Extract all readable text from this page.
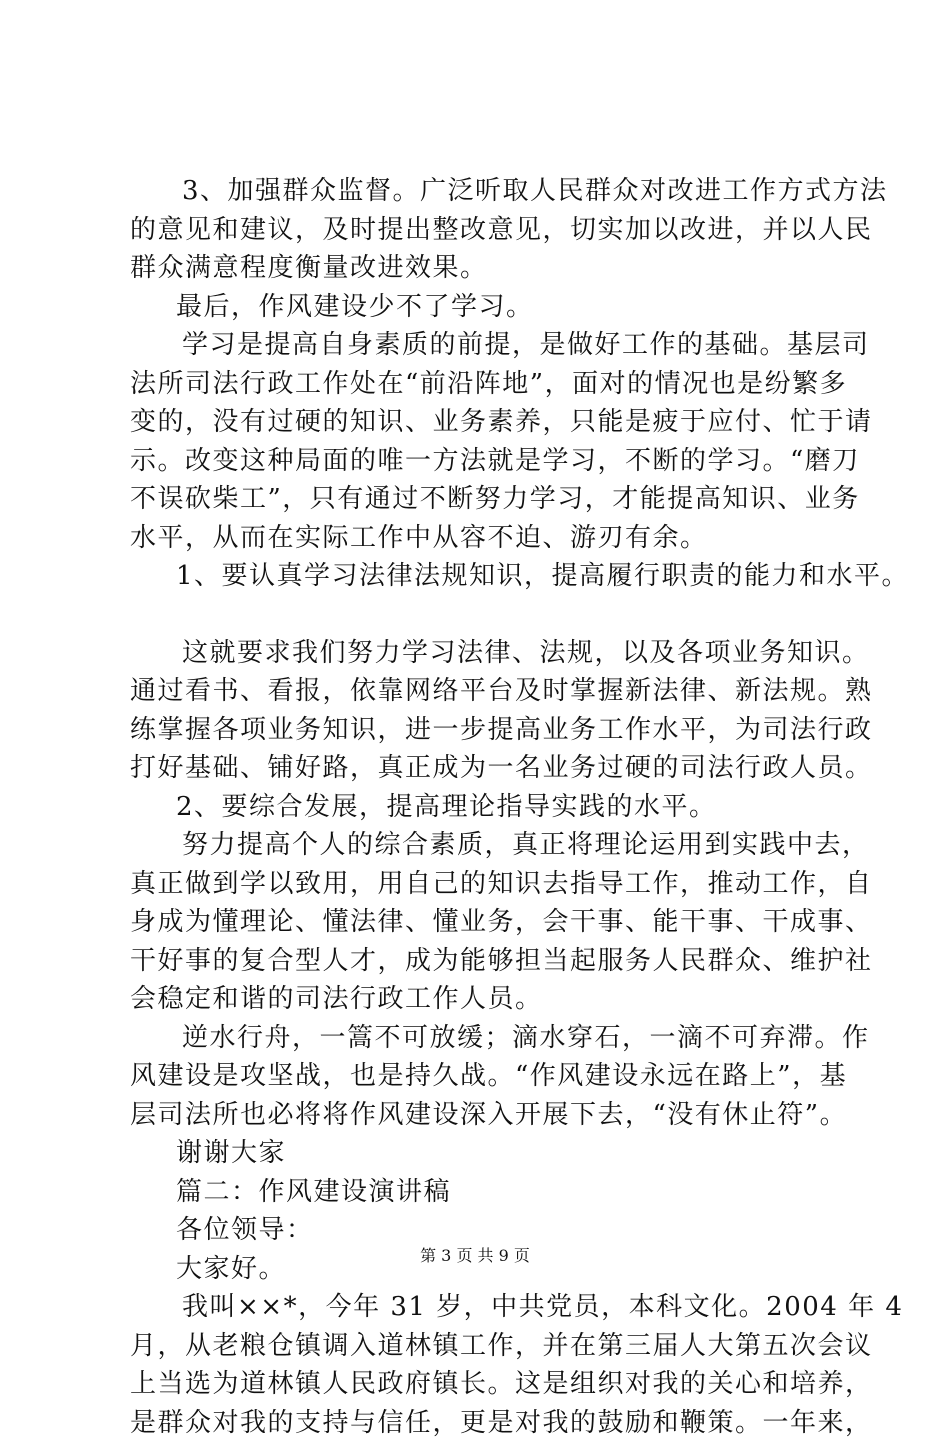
3、加强群众监督。广泛听取人民群众对改进工作方式方法
的意见和建议，及时提出整改意见，切实加以改进，并以人民
群众满意程度衡量改进效果。
最后，作风建设少不了学习。
学习是提高自身素质的前提，是做好工作的基础。基层司
法所司法行政工作处在“前沿阵地”，面对的情况也是纷繁多
变的，没有过硬的知识、业务素养，只能是疲于应付、忙于请
示。改变这种局面的唯一方法就是学习，不断的学习。“磨刀
不误砍柴工”，只有通过不断努力学习，才能提高知识、业务
水平，从而在实际工作中从容不迫、游刃有余。
1、要认真学习法律法规知识，提高履行职责的能力和水平。
这就要求我们努力学习法律、法规，以及各项业务知识。
通过看书、看报，依靠网络平台及时掌握新法律、新法规。熟
练掌握各项业务知识，进一步提高业务工作水平，为司法行政
打好基础、铺好路，真正成为一名业务过硬的司法行政人员。
2、要综合发展，提高理论指导实践的水平。
努力提高个人的综合素质，真正将理论运用到实践中去，
真正做到学以致用，用自己的知识去指导工作，推动工作，自
身成为懂理论、懂法律、懂业务，会干事、能干事、干成事、
干好事的复合型人才，成为能够担当起服务人民群众、维护社
会稳定和谐的司法行政工作人员。
逆水行舟，一篙不可放缓；滴水穿石，一滴不可弃滞。作
风建设是攻坚战，也是持久战。“作风建设永远在路上”，基
层司法所也必将将作风建设深入开展下去，“没有休止符”。
谢谢大家
篇二：作风建设演讲稿
各位领导：
大家好。
我叫××*，今年 31 岁，中共党员，本科文化。2004 年 4
月，从老粮仓镇调入道林镇工作，并在第三届人大第五次会议
上当选为道林镇人民政府镇长。这是组织对我的关心和培养，
是群众对我的支持与信任，更是对我的鼓励和鞭策。一年来，
第 3 页 共 9 页
